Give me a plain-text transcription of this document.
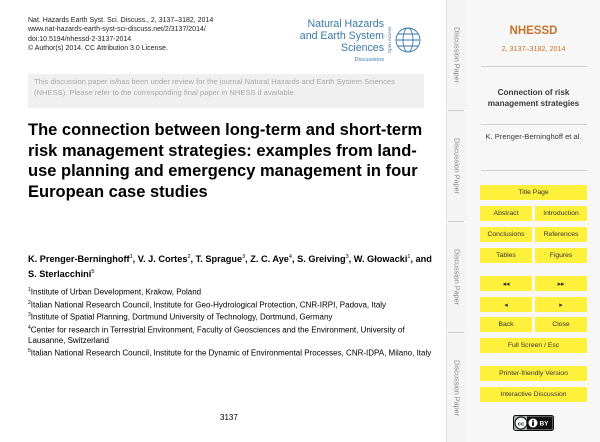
Nat. Hazards Earth Syst. Sci. Discuss., 2, 3137–3182, 2014
www.nat-hazards-earth-syst-sci-discuss.net/2/3137/2014/
doi:10.5194/nhessd-2-3137-2014
© Author(s) 2014. CC Attribution 3.0 License.
Natural Hazards
and Earth System
Sciences
Discussions
Open Access
This discussion paper is/has been under review for the journal Natural Hazards and Earth System Sciences (NHESS). Please refer to the corresponding final paper in NHESS if available.
The connection between long-term and short-term risk management strategies: examples from land-use planning and emergency management in four European case studies
K. Prenger-Berninghoff$^1$, V. J. Cortes$^2$, T. Sprague$^3$, Z. C. Aye$^4$, S. Greiving$^3$, W. Głowacki$^1$, and S. Sterlacchini$^5$

$^1$Institute of Urban Development, Krakow, Poland

$^2$Italian National Research Council, Institute for Geo-Hydrological Protection, CNR-IRPI, Padova, Italy

$^3$Institute of Spatial Planning, Dortmund University of Technology, Dortmund, Germany

$^4$Center for research in Terrestrial Environment, Faculty of Geosciences and the Environment, University of Lausanne, Switzerland

$^5$Italian National Research Council, Institute for the Dynamic of Environmental Processes, CNR-IDPA, Milano, Italy

3137
Discussion Paper
Discussion Paper
Discussion Paper
Discussion Paper
NHESSD
2, 3137–3182, 2014
Connection of risk management strategies
K. Prenger-Berninghoff et al.
Title Page
Abstract	Introduction
Conclusions	References
Tables	Figures
◂◂	▸▸
◂	▸
Back	Close
Full Screen / Esc
Printer-friendly Version
Interactive Discussion
cc BY
